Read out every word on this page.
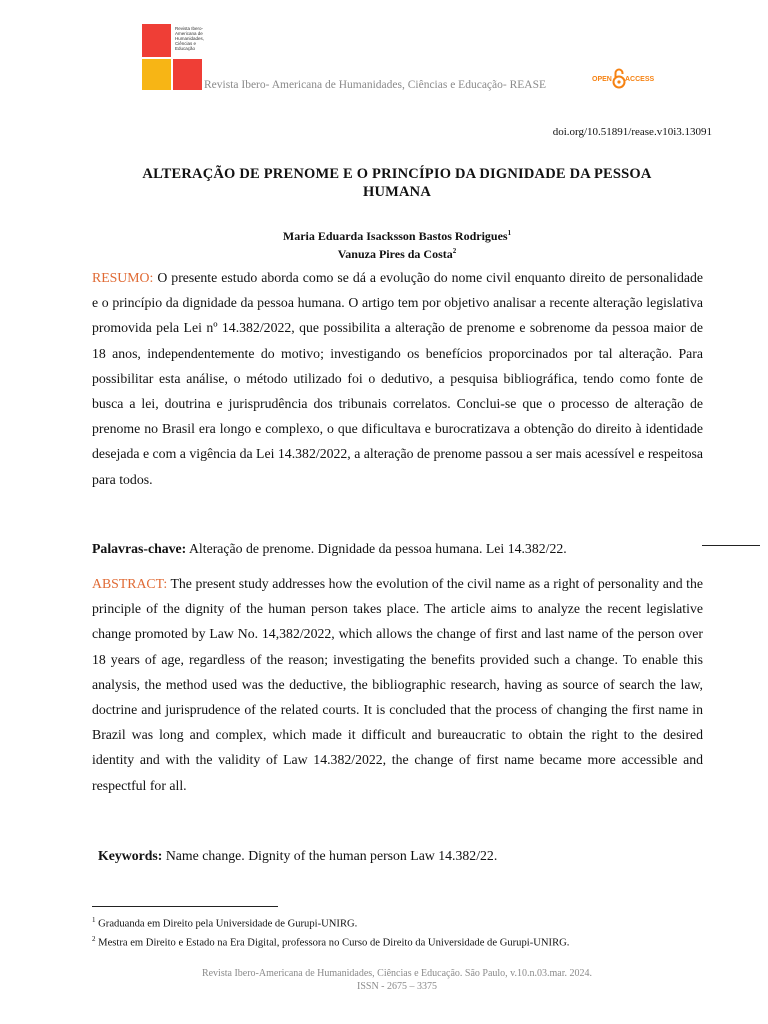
Revista Ibero-Americana de Humanidades, Ciências e Educação
Revista Ibero- Americana de Humanidades, Ciências e Educação- REASE	OPEN ACCESS
doi.org/10.51891/rease.v10i3.13091
ALTERAÇÃO DE PRENOME E O PRINCÍPIO DA DIGNIDADE DA PESSOA HUMANA
Maria Eduarda Isacksson Bastos Rodrigues$^1$
Vanuza Pires da Costa$^2$

RESUMO: O presente estudo aborda como se dá a evolução do nome civil enquanto direito de personalidade e o princípio da dignidade da pessoa humana. O artigo tem por objetivo analisar a recente alteração legislativa promovida pela Lei nº 14.382/2022, que possibilita a alteração de prenome e sobrenome da pessoa maior de 18 anos, independentemente do motivo; investigando os benefícios proporcinados por tal alteração. Para possibilitar esta análise, o método utilizado foi o dedutivo, a pesquisa bibliográfica, tendo como fonte de busca a lei, doutrina e jurisprudência dos tribunais correlatos. Conclui-se que o processo de alteração de prenome no Brasil era longo e complexo, o que dificultava e burocratizava a obtenção do direito à identidade desejada e com a vigência da Lei 14.382/2022, a alteração de prenome passou a ser mais acessível e respeitosa para todos.

Palavras-chave: Alteração de prenome. Dignidade da pessoa humana. Lei 14.382/22.

ABSTRACT: The present study addresses how the evolution of the civil name as a right of personality and the principle of the dignity of the human person takes place. The article aims to analyze the recent legislative change promoted by Law No. 14,382/2022, which allows the change of first and last name of the person over 18 years of age, regardless of the reason; investigating the benefits provided such a change. To enable this analysis, the method used was the deductive, the bibliographic research, having as source of search the law, doctrine and jurisprudence of the related courts. It is concluded that the process of changing the first name in Brazil was long and complex, which made it difficult and bureaucratic to obtain the right to the desired identity and with the validity of Law 14.382/2022, the change of first name became more accessible and respectful for all.

Keywords: Name change. Dignity of the human person Law 14.382/22.
$^1$ Graduanda em Direito pela Universidade de Gurupi-UNIRG.
$^2$ Mestra em Direito e Estado na Era Digital, professora no Curso de Direito da Universidade de Gurupi-UNIRG.
Revista Ibero-Americana de Humanidades, Ciências e Educação. São Paulo, v.10.n.03.mar. 2024.
ISSN - 2675 – 3375
